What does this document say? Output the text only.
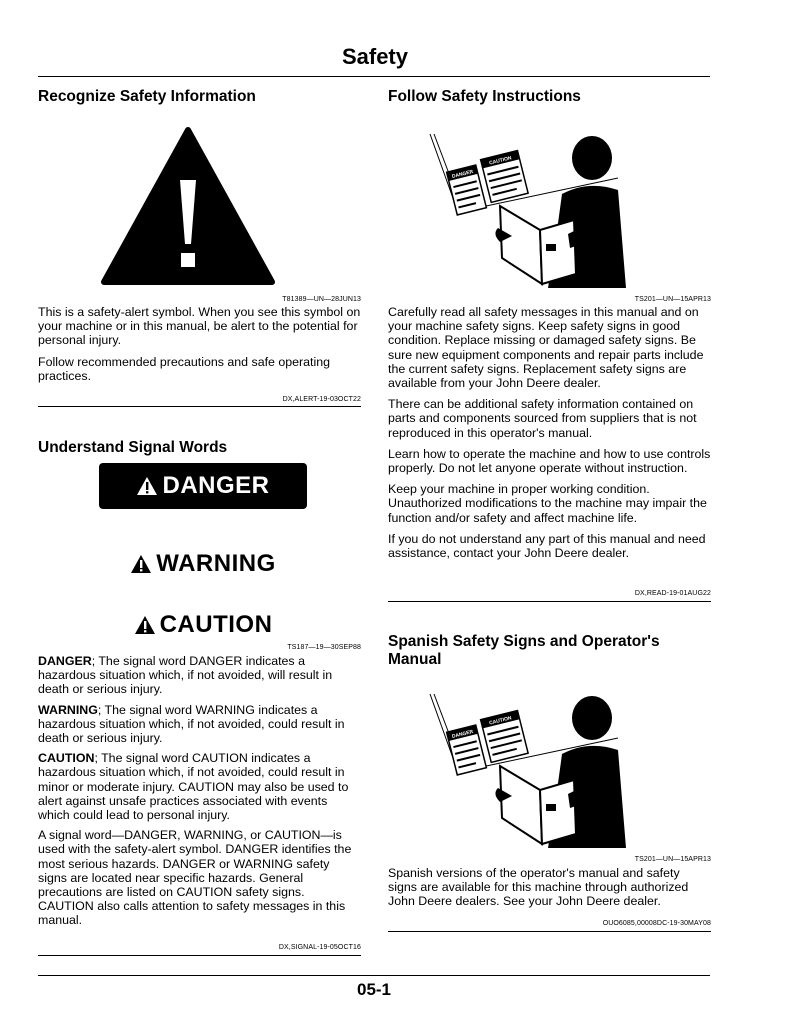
Safety
Recognize Safety Information
T81389—UN—28JUN13

This is a safety-alert symbol. When you see this symbol on your machine or in this manual, be alert to the potential for personal injury.

Follow recommended precautions and safe operating practices.

DX,ALERT-19-03OCT22
Understand Signal Words
DANGER
WARNING
CAUTION
TS187—19—30SEP88

DANGER; The signal word DANGER indicates a hazardous situation which, if not avoided, will result in death or serious injury.

WARNING; The signal word WARNING indicates a hazardous situation which, if not avoided, could result in death or serious injury.

CAUTION; The signal word CAUTION indicates a hazardous situation which, if not avoided, could result in minor or moderate injury. CAUTION may also be used to alert against unsafe practices associated with events which could lead to personal injury.

A signal word—DANGER, WARNING, or CAUTION—is used with the safety-alert symbol. DANGER identifies the most serious hazards. DANGER or WARNING safety signs are located near specific hazards. General precautions are listed on CAUTION safety signs. CAUTION also calls attention to safety messages in this manual.

DX,SIGNAL-19-05OCT16
Follow Safety Instructions
DANGER
CAUTION
TS201—UN—15APR13

Carefully read all safety messages in this manual and on your machine safety signs. Keep safety signs in good condition. Replace missing or damaged safety signs. Be sure new equipment components and repair parts include the current safety signs. Replacement safety signs are available from your John Deere dealer.

There can be additional safety information contained on parts and components sourced from suppliers that is not reproduced in this operator's manual.

Learn how to operate the machine and how to use controls properly. Do not let anyone operate without instruction.

Keep your machine in proper working condition. Unauthorized modifications to the machine may impair the function and/or safety and affect machine life.

If you do not understand any part of this manual and need assistance, contact your John Deere dealer.

DX,READ-19-01AUG22
Spanish Safety Signs and Operator's Manual
DANGER
CAUTION
TS201—UN—15APR13

Spanish versions of the operator's manual and safety signs are available for this machine through authorized John Deere dealers. See your John Deere dealer.

OUO6085,00008DC-19-30MAY08
05-1
